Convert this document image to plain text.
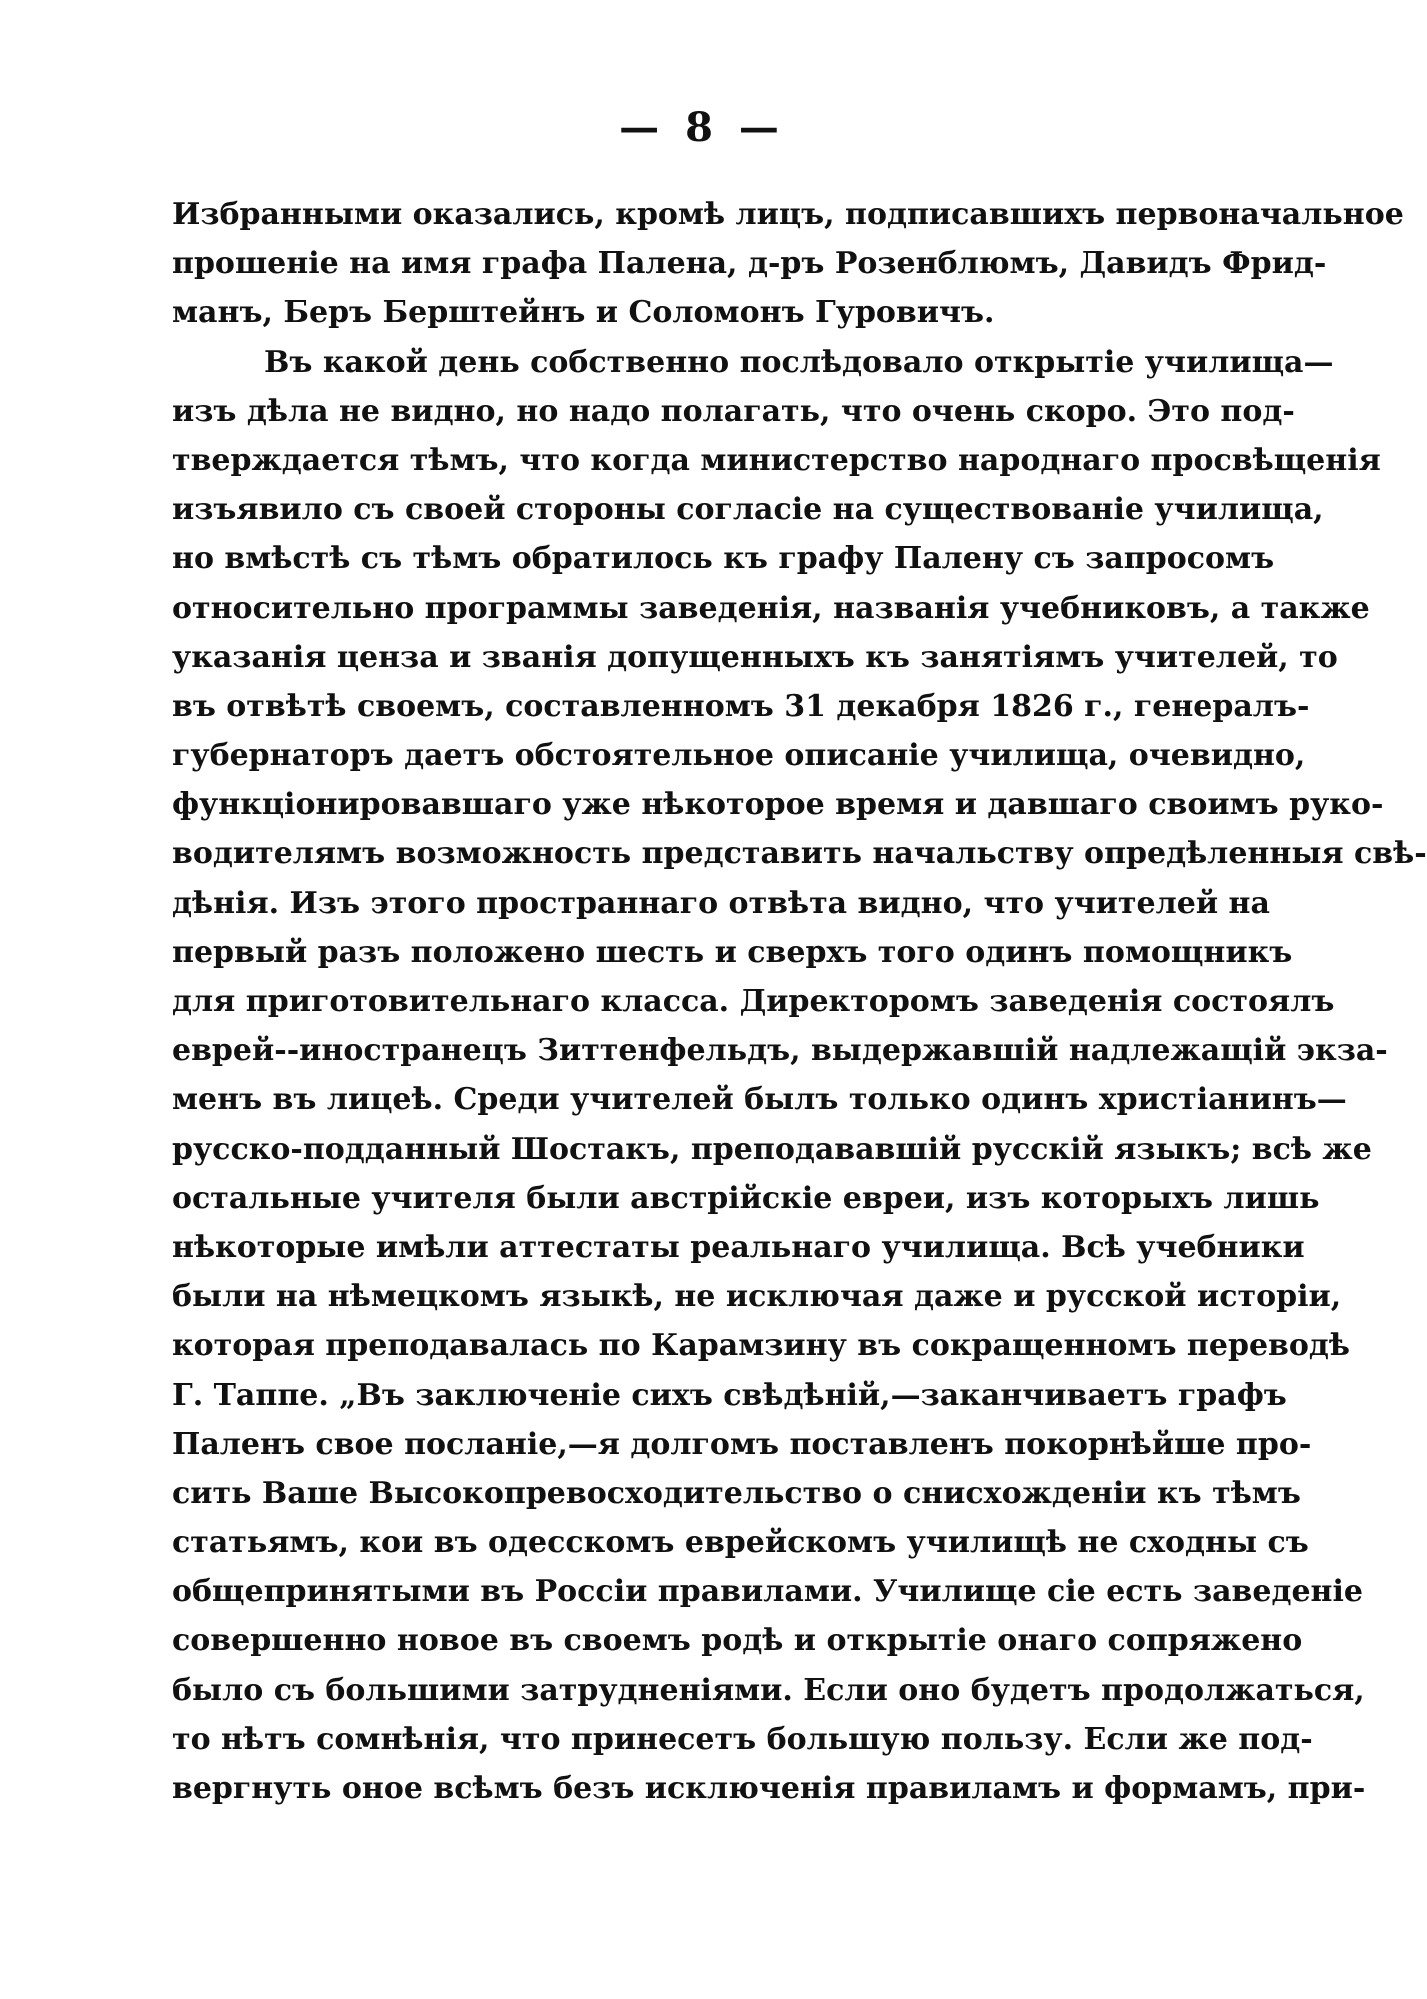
— 8 —
Избранными оказались, кромѣ лицъ, подписавшихъ первоначальное
прошеніе на имя графа Палена, д-ръ Розенблюмъ, Давидъ Фрид-
манъ, Беръ Берштейнъ и Соломонъ Гуровичъ.
Въ какой день собственно послѣдовало открытіе училища—
изъ дѣла не видно, но надо полагать, что очень скоро. Это под-
тверждается тѣмъ, что когда министерство народнаго просвѣщенія
изъявило съ своей стороны согласіе на существованіе училища,
но вмѣстѣ съ тѣмъ обратилось къ графу Палену съ запросомъ
относительно программы заведенія, названія учебниковъ, а также
указанія ценза и званія допущенныхъ къ занятіямъ учителей, то
въ отвѣтѣ своемъ, составленномъ 31 декабря 1826 г., генералъ-
губернаторъ даетъ обстоятельное описаніе училища, очевидно,
функціонировавшаго уже нѣкоторое время и давшаго своимъ руко-
водителямъ возможность представить начальству опредѣленныя свѣ-
дѣнія. Изъ этого пространнаго отвѣта видно, что учителей на
первый разъ положено шесть и сверхъ того одинъ помощникъ
для приготовительнаго класса. Директоромъ заведенія состоялъ
еврей--иностранецъ Зиттенфельдъ, выдержавшій надлежащій экза-
менъ въ лицеѣ. Среди учителей былъ только одинъ христіанинъ—
русско-подданный Шостакъ, преподававшій русскій языкъ; всѣ же
остальные учителя были австрійскіе евреи, изъ которыхъ лишь
нѣкоторые имѣли аттестаты реальнаго училища. Всѣ учебники
были на нѣмецкомъ языкѣ, не исключая даже и русской исторіи,
которая преподавалась по Карамзину въ сокращенномъ переводѣ
Г. Таппе. „Въ заключеніе сихъ свѣдѣній,—заканчиваетъ графъ
Паленъ свое посланіе,—я долгомъ поставленъ покорнѣйше про-
сить Ваше Высокопревосходительство о снисхожденіи къ тѣмъ
статьямъ, кои въ одесскомъ еврейскомъ училищѣ не сходны съ
общепринятыми въ Россіи правилами. Училище сіе есть заведеніе
совершенно новое въ своемъ родѣ и открытіе онаго сопряжено
было съ большими затрудненіями. Если оно будетъ продолжаться,
то нѣтъ сомнѣнія, что принесетъ большую пользу. Если же под-
вергнуть оное всѣмъ безъ исключенія правиламъ и формамъ, при-
